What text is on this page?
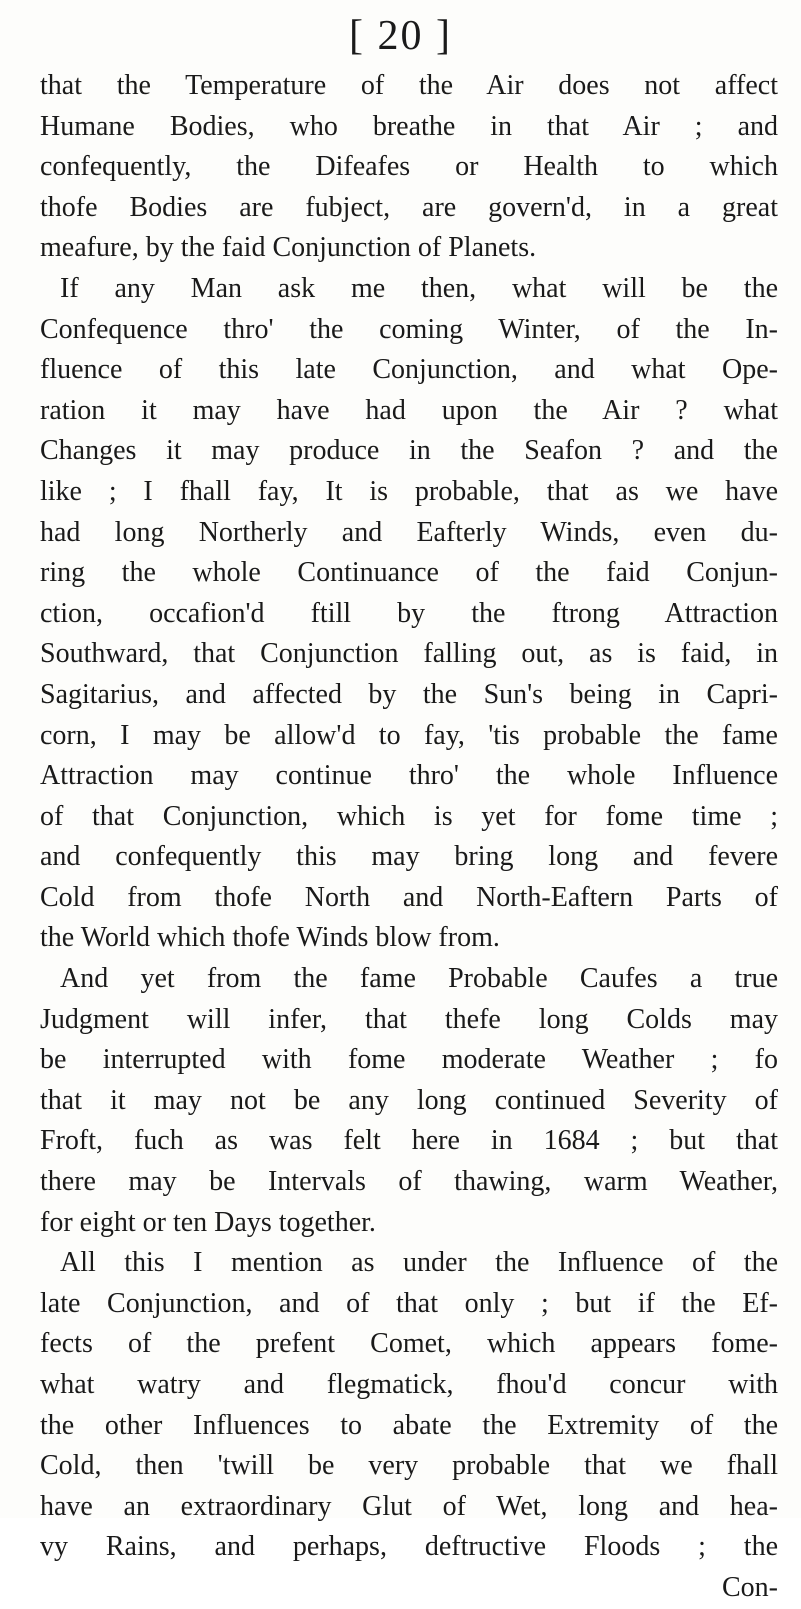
[ 20 ]
that the Temperature of the Air does not affect
Humane Bodies, who breathe in that Air ; and
confequently, the Difeafes or Health to which
thofe Bodies are fubject, are govern'd, in a great
meafure, by the faid Conjunction of Planets.
If any Man ask me then, what will be the
Confequence thro' the coming Winter, of the In-
fluence of this late Conjunction, and what Ope-
ration it may have had upon the Air ? what
Changes it may produce in the Seafon ? and the
like ; I fhall fay, It is probable, that as we have
had long Northerly and Eafterly Winds, even du-
ring the whole Continuance of the faid Conjun-
ction, occafion'd ftill by the ftrong Attraction
Southward, that Conjunction falling out, as is faid, in
Sagitarius, and affected by the Sun's being in Capri-
corn, I may be allow'd to fay, 'tis probable the fame
Attraction may continue thro' the whole Influence
of that Conjunction, which is yet for fome time ;
and confequently this may bring long and fevere
Cold from thofe North and North-Eaftern Parts of
the World which thofe Winds blow from.
And yet from the fame Probable Caufes a true
Judgment will infer, that thefe long Colds may
be interrupted with fome moderate Weather ; fo
that it may not be any long continued Severity of
Froft, fuch as was felt here in 1684 ; but that
there may be Intervals of thawing, warm Weather,
for eight or ten Days together.
All this I mention as under the Influence of the
late Conjunction, and of that only ; but if the Ef-
fects of the prefent Comet, which appears fome-
what watry and flegmatick, fhou'd concur with
the other Influences to abate the Extremity of the
Cold, then 'twill be very probable that we fhall
have an extraordinary Glut of Wet, long and hea-
vy Rains, and perhaps, deftructive Floods ; the
Con-
